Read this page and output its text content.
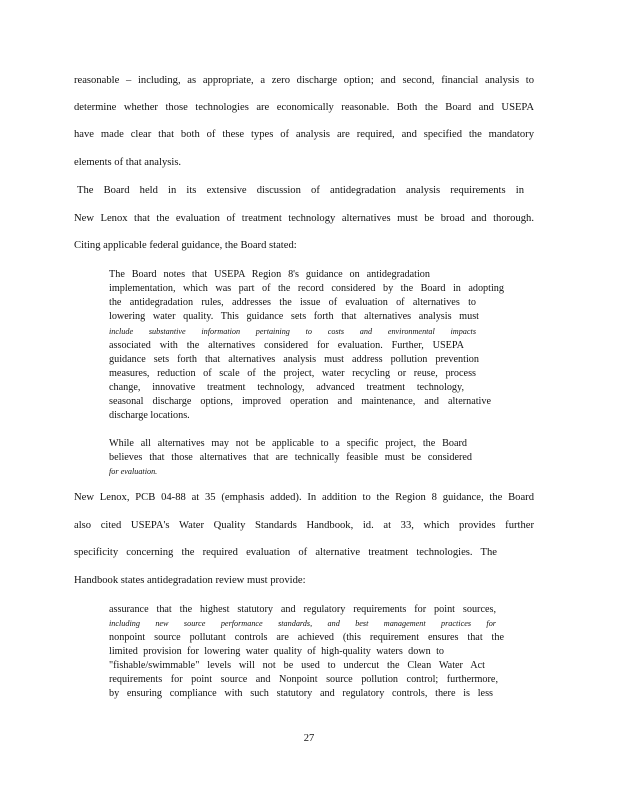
reasonable – including, as appropriate, a zero discharge option; and second, financial analysis to
determine whether those technologies are economically reasonable. Both the Board and USEPA
have made clear that both of these types of analysis are required, and specified the mandatory
elements of that analysis.
The Board held in its extensive discussion of antidegradation analysis requirements in
New Lenox that the evaluation of treatment technology alternatives must be broad and thorough.
Citing applicable federal guidance, the Board stated:
The Board notes that USEPA Region 8's guidance on antidegradation
implementation, which was part of the record considered by the Board in adopting
the antidegradation rules, addresses the issue of evaluation of alternatives to
lowering water quality. This guidance sets forth that alternatives analysis must
include substantive information pertaining to costs and environmental impacts
associated with the alternatives considered for evaluation. Further, USEPA
guidance sets forth that alternatives analysis must address pollution prevention
measures, reduction of scale of the project, water recycling or reuse, process
change, innovative treatment technology, advanced treatment technology,
seasonal discharge options, improved operation and maintenance, and alternative
discharge locations.
While all alternatives may not be applicable to a specific project, the Board
believes that those alternatives that are technically feasible must be considered
for evaluation.
New Lenox, PCB 04-88 at 35 (emphasis added). In addition to the Region 8 guidance, the Board
also cited USEPA's Water Quality Standards Handbook, id. at 33, which provides further
specificity concerning the required evaluation of alternative treatment technologies. The
Handbook states antidegradation review must provide:
assurance that the highest statutory and regulatory requirements for point sources,
including new source performance standards, and best management practices for
nonpoint source pollutant controls are achieved (this requirement ensures that the
limited provision for lowering water quality of high-quality waters down to
"fishable/swimmable" levels will not be used to undercut the Clean Water Act
requirements for point source and Nonpoint source pollution control; furthermore,
by ensuring compliance with such statutory and regulatory controls, there is less
27
